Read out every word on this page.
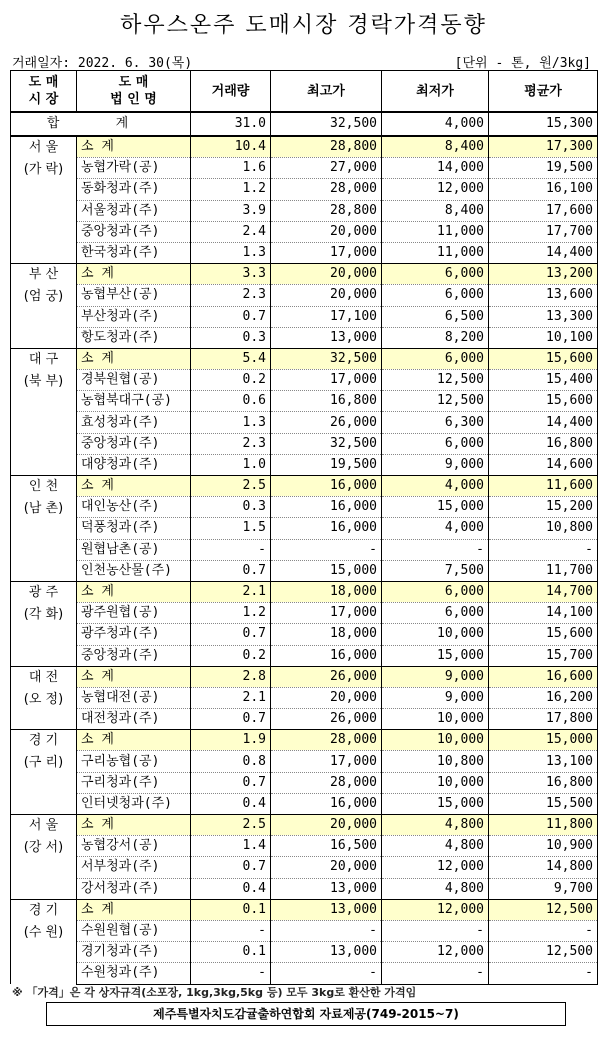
하우스온주 도매시장 경락가격동향
거래일자: 2022. 6. 30(목)	[단위 - 톤, 원/3kg]
도 매
시 장	도 매
법 인 명	거래량	최고가	최저가	평균가
합 계		31.0	32,500	4,000	15,300

서 울
(가 락)	소 계	10.4	28,800	8,400	17,300
	농협가락(공)	1.6	27,000	14,000	19,500
	동화청과(주)	1.2	28,000	12,000	16,100
	서울청과(주)	3.9	28,800	8,400	17,600
	중앙청과(주)	2.4	20,000	11,000	17,700
	한국청과(주)	1.3	17,000	11,000	14,400

부 산
(엄 궁)	소 계	3.3	20,000	6,000	13,200
	농협부산(공)	2.3	20,000	6,000	13,600
	부산청과(주)	0.7	17,100	6,500	13,300
	항도청과(주)	0.3	13,000	8,200	10,100

대 구
(북 부)	소 계	5.4	32,500	6,000	15,600
	경북원협(공)	0.2	17,000	12,500	15,400
	농협북대구(공)	0.6	16,800	12,500	15,600
	효성청과(주)	1.3	26,000	6,300	14,400
	중앙청과(주)	2.3	32,500	6,000	16,800
	대양청과(주)	1.0	19,500	9,000	14,600

인 천
(남 촌)	소 계	2.5	16,000	4,000	11,600
	대인농산(주)	0.3	16,000	15,000	15,200
	덕풍청과(주)	1.5	16,000	4,000	10,800
	원협남촌(공)	-	-	-	-
	인천농산물(주)	0.7	15,000	7,500	11,700

광 주
(각 화)	소 계	2.1	18,000	6,000	14,700
	광주원협(공)	1.2	17,000	6,000	14,100
	광주청과(주)	0.7	18,000	10,000	15,600
	중앙청과(주)	0.2	16,000	15,000	15,700

대 전
(오 정)	소 계	2.8	26,000	9,000	16,600
	농협대전(공)	2.1	20,000	9,000	16,200
	대전청과(주)	0.7	26,000	10,000	17,800

경 기
(구 리)	소 계	1.9	28,000	10,000	15,000
	구리농협(공)	0.8	17,000	10,800	13,100
	구리청과(주)	0.7	28,000	10,000	16,800
	인터넷청과(주)	0.4	16,000	15,000	15,500

서 울
(강 서)	소 계	2.5	20,000	4,800	11,800
	농협강서(공)	1.4	16,500	4,800	10,900
	서부청과(주)	0.7	20,000	12,000	14,800
	강서청과(주)	0.4	13,000	4,800	9,700

경 기
(수 원)	소 계	0.1	13,000	12,000	12,500
	수원원협(공)	-	-	-	-
	경기청과(주)	0.1	13,000	12,000	12,500
	수원청과(주)	-	-	-	-
※ 「가격」은 각 상자규격(소포장, 1kg,3kg,5kg 등) 모두 3kg로 환산한 가격임
제주특별자치도감귤출하연합회 자료제공(749-2015~7)
